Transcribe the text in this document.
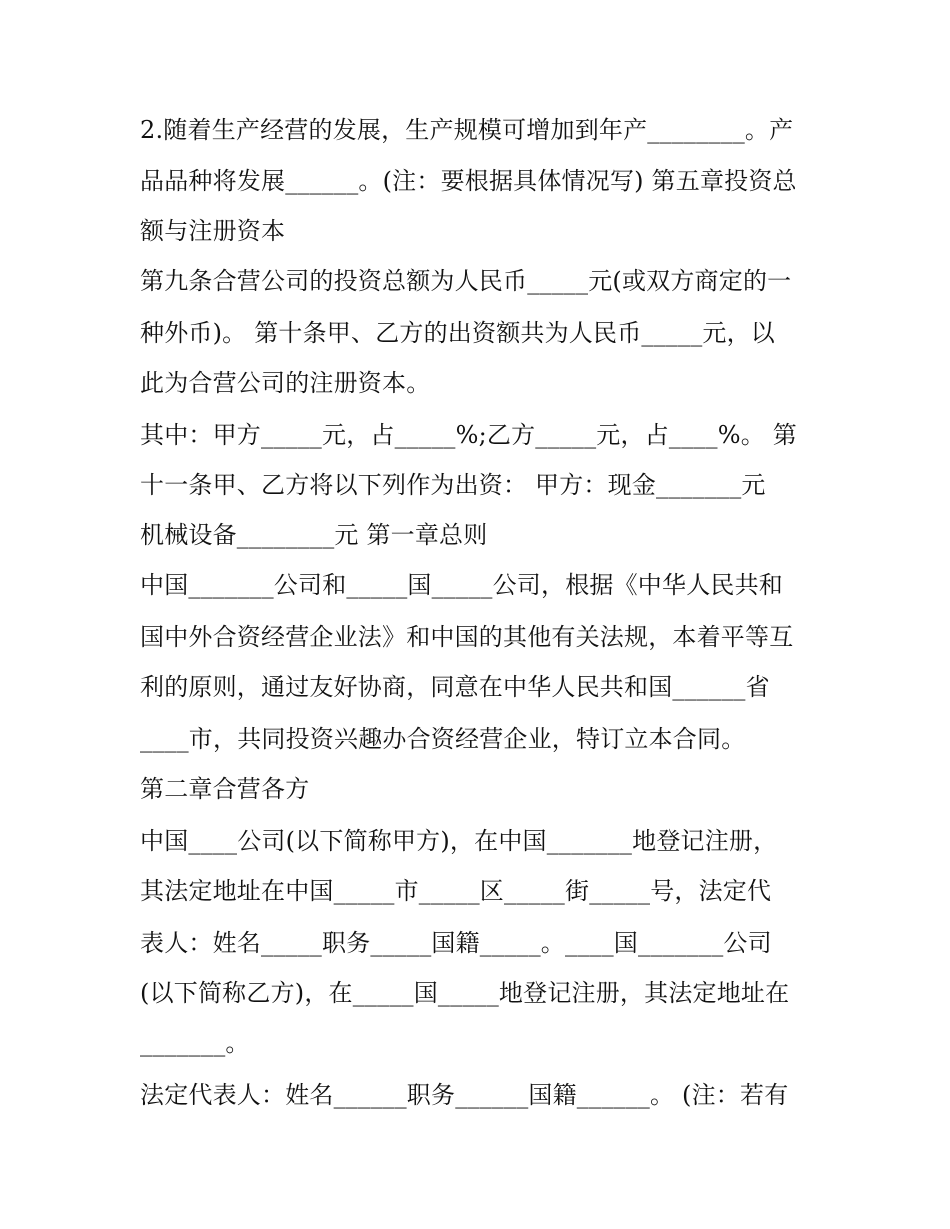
2.随着生产经营的发展，生产规模可增加到年产________。产
品品种将发展______。(注：要根据具体情况写) 第五章投资总
额与注册资本
第九条合营公司的投资总额为人民币_____元(或双方商定的一
种外币)。 第十条甲、乙方的出资额共为人民币_____元，以
此为合营公司的注册资本。
其中：甲方_____元，占_____%;乙方_____元，占____%。 第
十一条甲、乙方将以下列作为出资： 甲方：现金_______元
机械设备________元 第一章总则
中国_______公司和_____国_____公司，根据《中华人民共和
国中外合资经营企业法》和中国的其他有关法规，本着平等互
利的原则，通过友好协商，同意在中华人民共和国______省
____市，共同投资兴趣办合资经营企业，特订立本合同。
第二章合营各方
中国____公司(以下简称甲方)，在中国_______地登记注册，
其法定地址在中国_____市_____区_____街_____号，法定代
表人：姓名_____职务_____国籍_____。____国_______公司
(以下简称乙方)，在_____国_____地登记注册，其法定地址在
_______。
法定代表人：姓名______职务______国籍______。 (注：若有
